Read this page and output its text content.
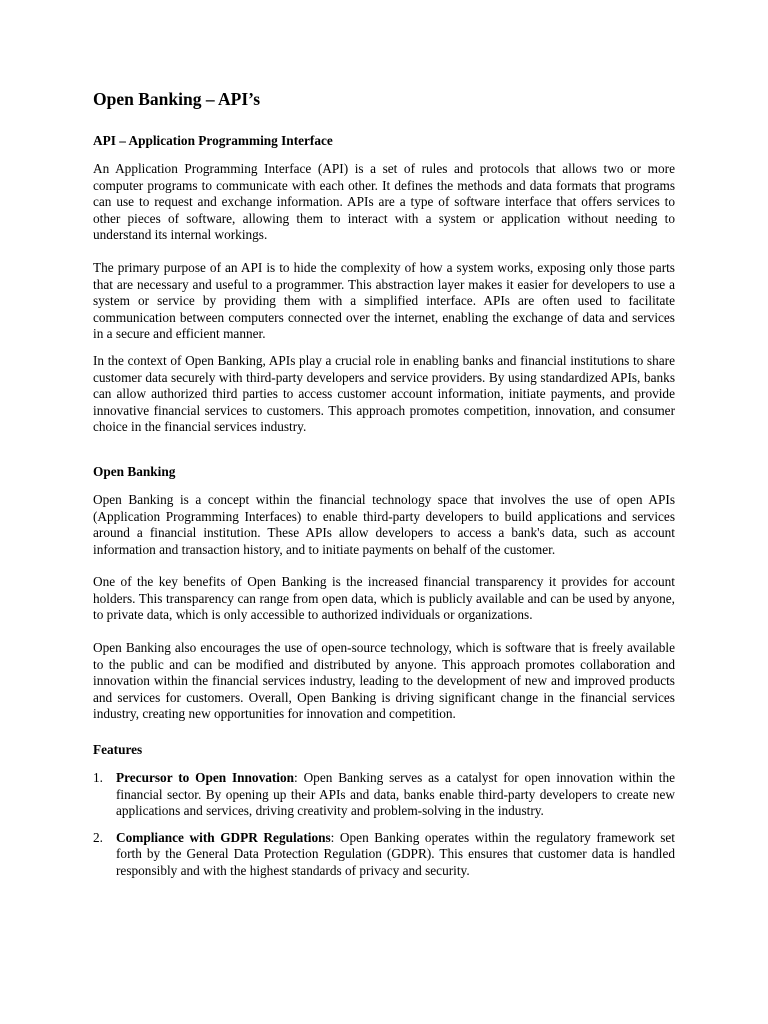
Open Banking – API’s
API – Application Programming Interface

An Application Programming Interface (API) is a set of rules and protocols that allows two or more computer programs to communicate with each other. It defines the methods and data formats that programs can use to request and exchange information. APIs are a type of software interface that offers services to other pieces of software, allowing them to interact with a system or application without needing to understand its internal workings.

The primary purpose of an API is to hide the complexity of how a system works, exposing only those parts that are necessary and useful to a programmer. This abstraction layer makes it easier for developers to use a system or service by providing them with a simplified interface. APIs are often used to facilitate communication between computers connected over the internet, enabling the exchange of data and services in a secure and efficient manner.

In the context of Open Banking, APIs play a crucial role in enabling banks and financial institutions to share customer data securely with third-party developers and service providers. By using standardized APIs, banks can allow authorized third parties to access customer account information, initiate payments, and provide innovative financial services to customers. This approach promotes competition, innovation, and consumer choice in the financial services industry.

Open Banking

Open Banking is a concept within the financial technology space that involves the use of open APIs (Application Programming Interfaces) to enable third-party developers to build applications and services around a financial institution. These APIs allow developers to access a bank's data, such as account information and transaction history, and to initiate payments on behalf of the customer.

One of the key benefits of Open Banking is the increased financial transparency it provides for account holders. This transparency can range from open data, which is publicly available and can be used by anyone, to private data, which is only accessible to authorized individuals or organizations.

Open Banking also encourages the use of open-source technology, which is software that is freely available to the public and can be modified and distributed by anyone. This approach promotes collaboration and innovation within the financial services industry, leading to the development of new and improved products and services for customers. Overall, Open Banking is driving significant change in the financial services industry, creating new opportunities for innovation and competition.

Features
1. Precursor to Open Innovation: Open Banking serves as a catalyst for open innovation within the financial sector. By opening up their APIs and data, banks enable third-party developers to create new applications and services, driving creativity and problem-solving in the industry.
2. Compliance with GDPR Regulations: Open Banking operates within the regulatory framework set forth by the General Data Protection Regulation (GDPR). This ensures that customer data is handled responsibly and with the highest standards of privacy and security.
